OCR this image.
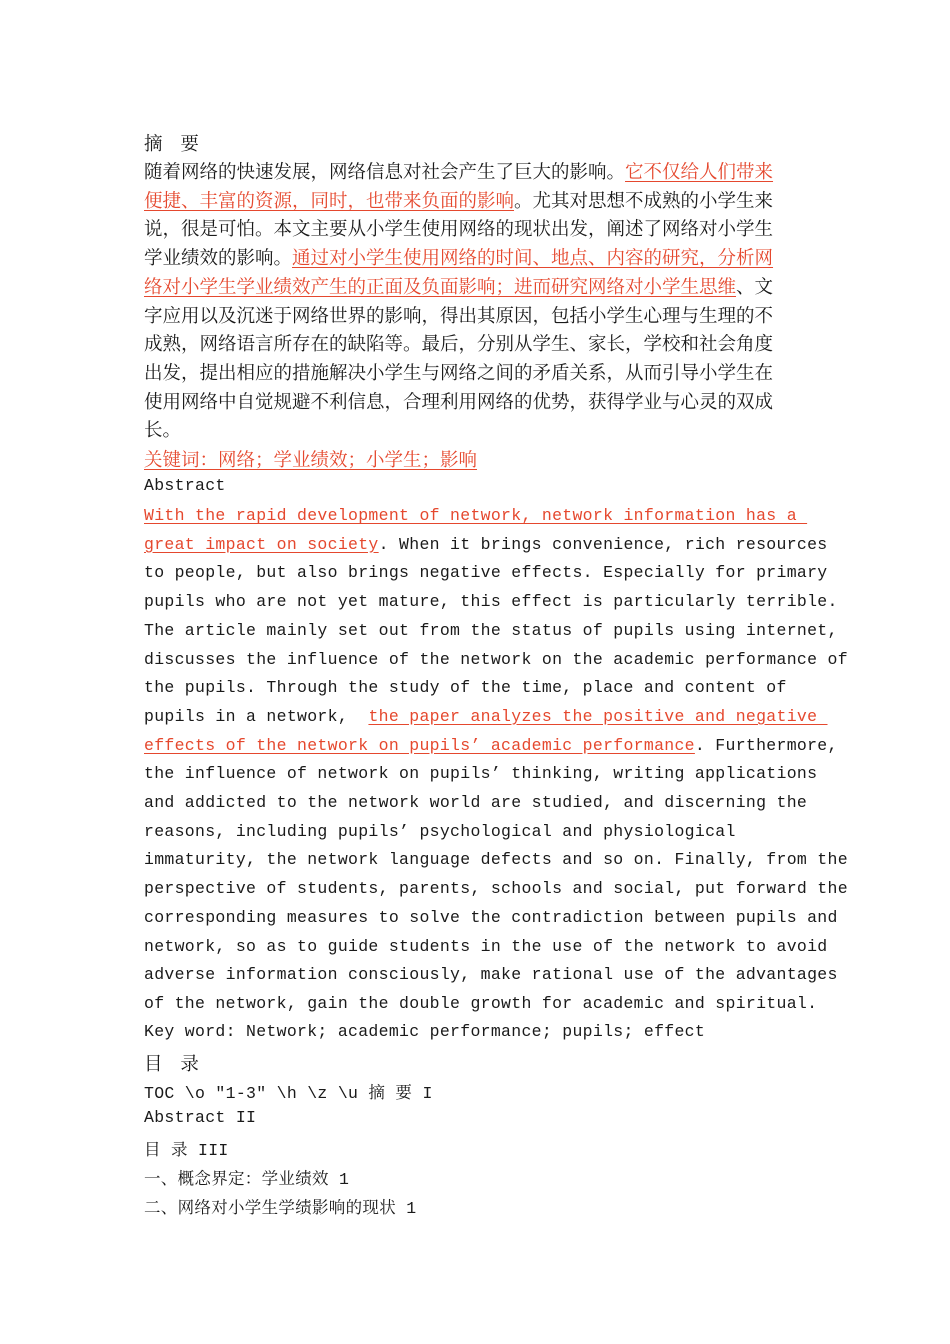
摘 要
随着网络的快速发展，网络信息对社会产生了巨大的影响。它不仅给人们带来
便捷、丰富的资源，同时，也带来负面的影响。尤其对思想不成熟的小学生来
说，很是可怕。本文主要从小学生使用网络的现状出发，阐述了网络对小学生
学业绩效的影响。通过对小学生使用网络的时间、地点、内容的研究，分析网
络对小学生学业绩效产生的正面及负面影响；进而研究网络对小学生思维、文
字应用以及沉迷于网络世界的影响，得出其原因，包括小学生心理与生理的不
成熟，网络语言所存在的缺陷等。最后，分别从学生、家长，学校和社会角度
出发，提出相应的措施解决小学生与网络之间的矛盾关系，从而引导小学生在
使用网络中自觉规避不利信息，合理利用网络的优势，获得学业与心灵的双成
长。
关键词：网络；学业绩效；小学生；影响
Abstract
With the rapid development of network, network information has a
great impact on society. When it brings convenience, rich resources
to people, but also brings negative effects. Especially for primary
pupils who are not yet mature, this effect is particularly terrible.
The article mainly set out from the status of pupils using internet,
discusses the influence of the network on the academic performance of
the pupils. Through the study of the time, place and content of
pupils in a network,  the paper analyzes the positive and negative
effects of the network on pupils’ academic performance. Furthermore,
the influence of network on pupils’ thinking, writing applications
and addicted to the network world are studied, and discerning the
reasons, including pupils’ psychological and physiological
immaturity, the network language defects and so on. Finally, from the
perspective of students, parents, schools and social, put forward the
corresponding measures to solve the contradiction between pupils and
network, so as to guide students in the use of the network to avoid
adverse information consciously, make rational use of the advantages
of the network, gain the double growth for academic and spiritual.
Key word: Network; academic performance; pupils; effect
目 录
TOC \o "1-3" \h \z \u 摘 要 I
Abstract II
目 录 III
一、概念界定：学业绩效 1
二、网络对小学生学绩影响的现状 1
